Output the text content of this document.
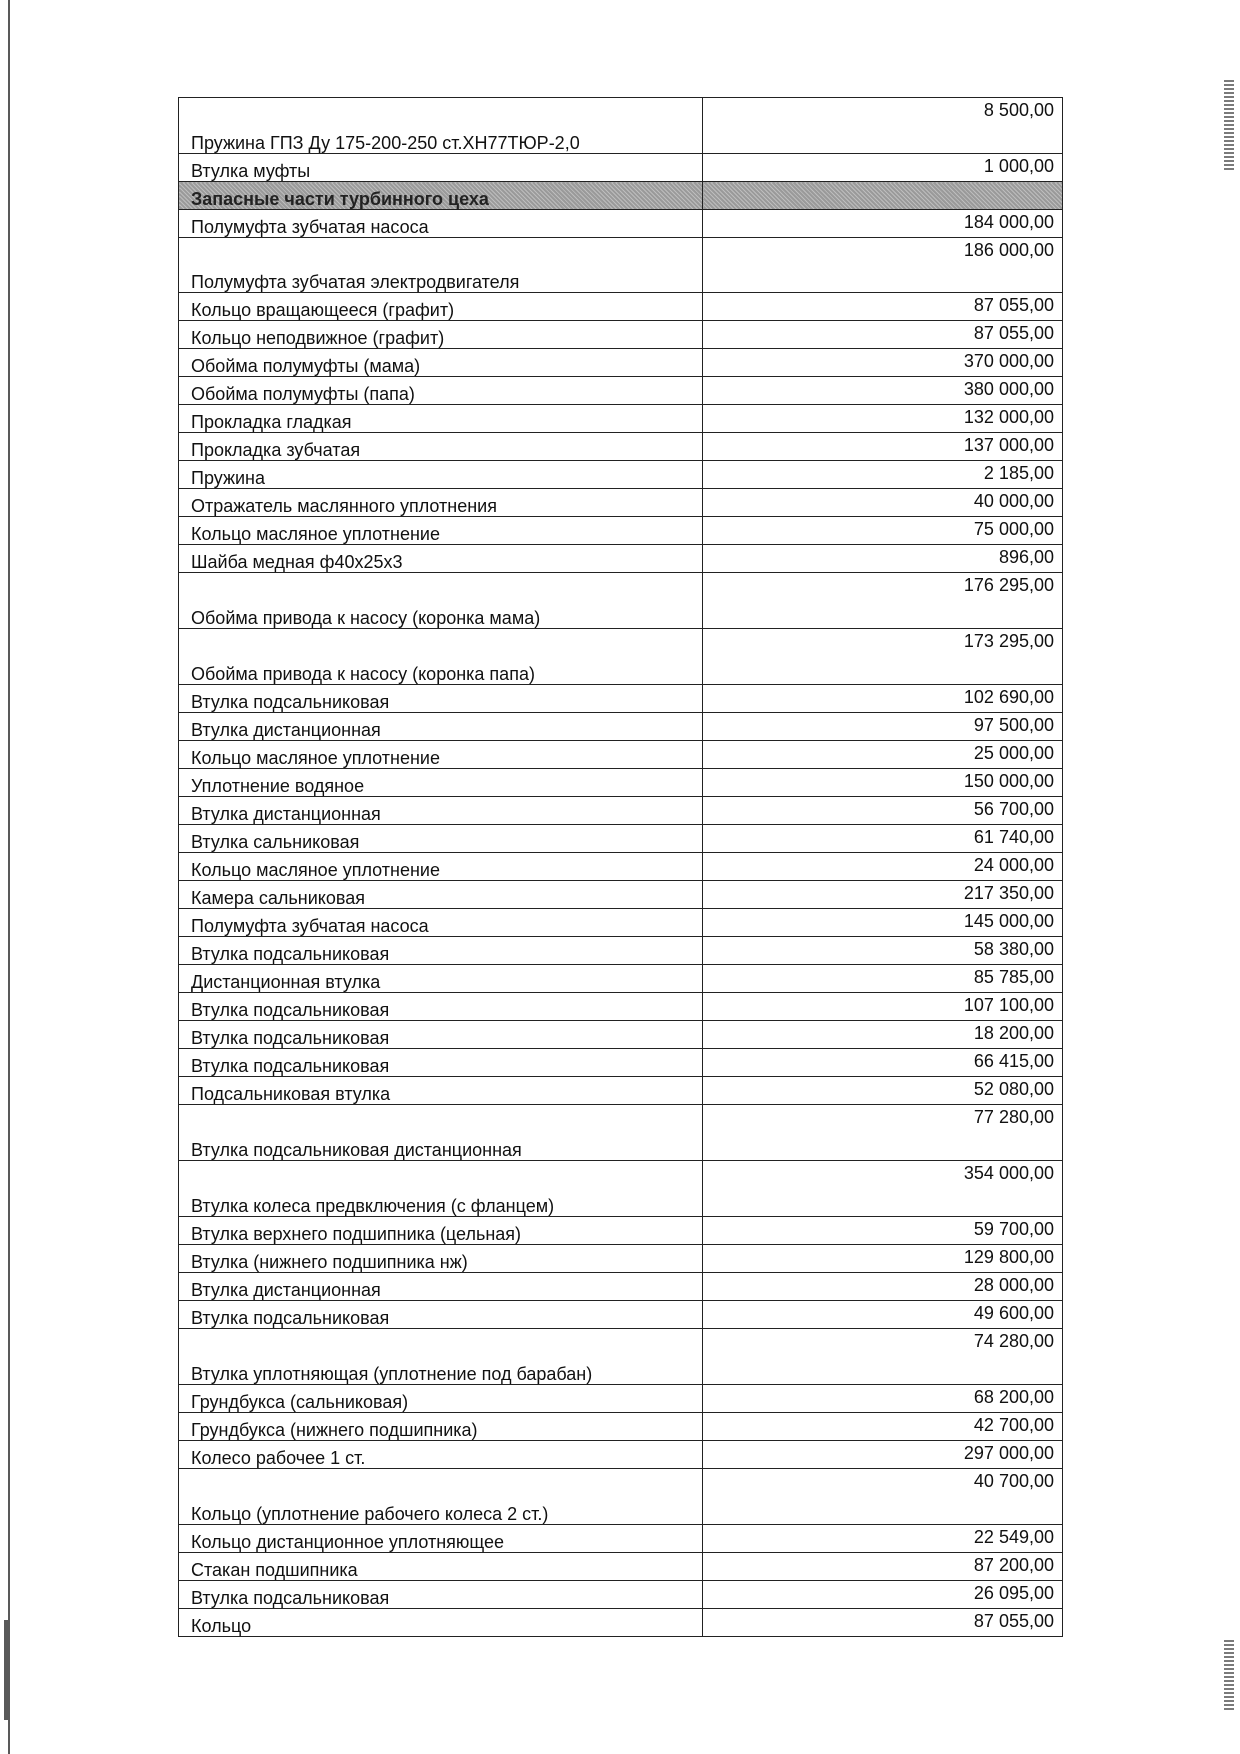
Пружина ГПЗ Ду 175-200-250 ст.ХН77ТЮР-2,0	8 500,00
Втулка муфты	1 000,00
Запасные части турбинного цеха	
Полумуфта зубчатая насоса	184 000,00
Полумуфта зубчатая электродвигателя	186 000,00
Кольцо вращающееся (графит)	87 055,00
Кольцо неподвижное (графит)	87 055,00
Обойма полумуфты (мама)	370 000,00
Обойма полумуфты (папа)	380 000,00
Прокладка гладкая	132 000,00
Прокладка зубчатая	137 000,00
Пружина	2 185,00
Отражатель маслянного уплотнения	40 000,00
Кольцо масляное уплотнение	75 000,00
Шайба медная ф40х25х3	896,00
Обойма привода к насосу (коронка мама)	176 295,00
Обойма привода к насосу (коронка папа)	173 295,00
Втулка подсальниковая	102 690,00
Втулка дистанционная	97 500,00
Кольцо масляное уплотнение	25 000,00
Уплотнение водяное	150 000,00
Втулка дистанционная	56 700,00
Втулка сальниковая	61 740,00
Кольцо масляное уплотнение	24 000,00
Камера сальниковая	217 350,00
Полумуфта зубчатая насоса	145 000,00
Втулка подсальниковая	58 380,00
Дистанционная втулка	85 785,00
Втулка подсальниковая	107 100,00
Втулка подсальниковая	18 200,00
Втулка подсальниковая	66 415,00
Подсальниковая втулка	52 080,00
Втулка подсальниковая дистанционная	77 280,00
Втулка колеса предвключения (с фланцем)	354 000,00
Втулка верхнего подшипника (цельная)	59 700,00
Втулка (нижнего подшипника нж)	129 800,00
Втулка дистанционная	28 000,00
Втулка подсальниковая	49 600,00
Втулка уплотняющая (уплотнение под барабан)	74 280,00
Грундбукса (сальниковая)	68 200,00
Грундбукса (нижнего подшипника)	42 700,00
Колесо рабочее 1 ст.	297 000,00
Кольцо (уплотнение рабочего колеса 2 ст.)	40 700,00
Кольцо дистанционное уплотняющее	22 549,00
Стакан подшипника	87 200,00
Втулка подсальниковая	26 095,00
Кольцо	87 055,00
